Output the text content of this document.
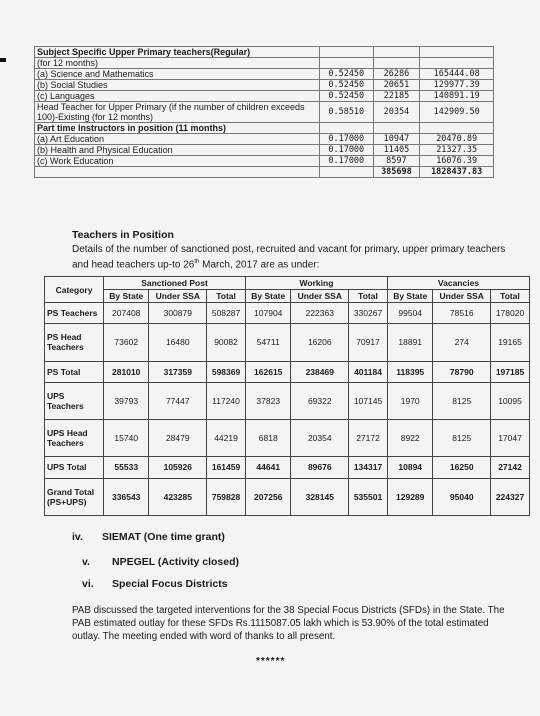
Subject Specific Upper Primary teachers(Regular)			
(for 12 months)			
(a) Science and Mathematics	0.52450	26286	165444.08
(b) Social Studies	0.52450	20651	129977.39
(c) Languages	0.52450	22185	140891.19
Head Teacher for Upper Primary (if the number of children exceeds 100)-Existing (for 12 months)	0.58510	20354	142909.50
Part time Instructors in position (11 months)			
(a) Art Education	0.17000	10947	20470.89
(b) Health and Physical Education	0.17000	11405	21327.35
(c) Work Education	0.17000	8597	16076.39
		385698	1828437.83
Teachers in Position
Details of the number of sanctioned post, recruited and vacant for primary, upper primary teachers and head teachers up-to 26th March, 2017 are as under:
Category	Sanctioned Post			Working			Vacancies		
	By State	Under SSA	Total	By State	Under SSA	Total	By State	Under SSA	Total
PS Teachers	207408	300879	508287	107904	222363	330267	99504	78516	178020
PS Head Teachers	73602	16480	90082	54711	16206	70917	18891	274	19165
PS Total	281010	317359	598369	162615	238469	401184	118395	78790	197185
UPS Teachers	39793	77447	117240	37823	69322	107145	1970	8125	10095
UPS Head Teachers	15740	28479	44219	6818	20354	27172	8922	8125	17047
UPS Total	55533	105926	161459	44641	89676	134317	10894	16250	27142
Grand Total (PS+UPS)	336543	423285	759828	207256	328145	535501	129289	95040	224327
iv. SIEMAT (One time grant)
v. NPEGEL (Activity closed)
vi. Special Focus Districts
PAB discussed the targeted interventions for the 38 Special Focus Districts (SFDs) in the State. The PAB estimated outlay for these SFDs Rs.1115087.05 lakh which is 53.90% of the total estimated outlay. The meeting ended with word of thanks to all present.
******
